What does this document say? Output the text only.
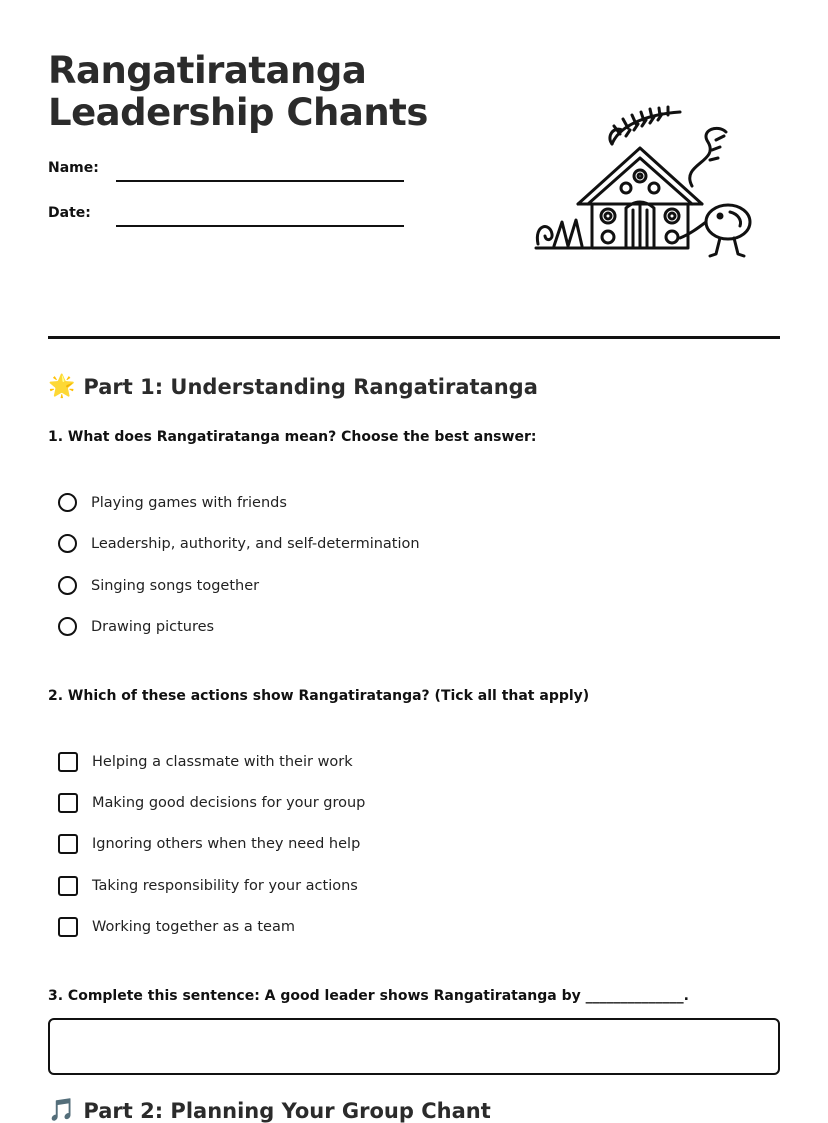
Rangatiratanga
Leadership Chants
Name:
Date:
🌟 Part 1: Understanding Rangatiratanga

1. What does Rangatiratanga mean? Choose the best answer:

Playing games with friends
Leadership, authority, and self-determination
Singing songs together
Drawing pictures

2. Which of these actions show Rangatiratanga? (Tick all that apply)

Helping a classmate with their work
Making good decisions for your group
Ignoring others when they need help
Taking responsibility for your actions
Working together as a team

3. Complete this sentence: A good leader shows Rangatiratanga by ______________.

🎵 Part 2: Planning Your Group Chant
